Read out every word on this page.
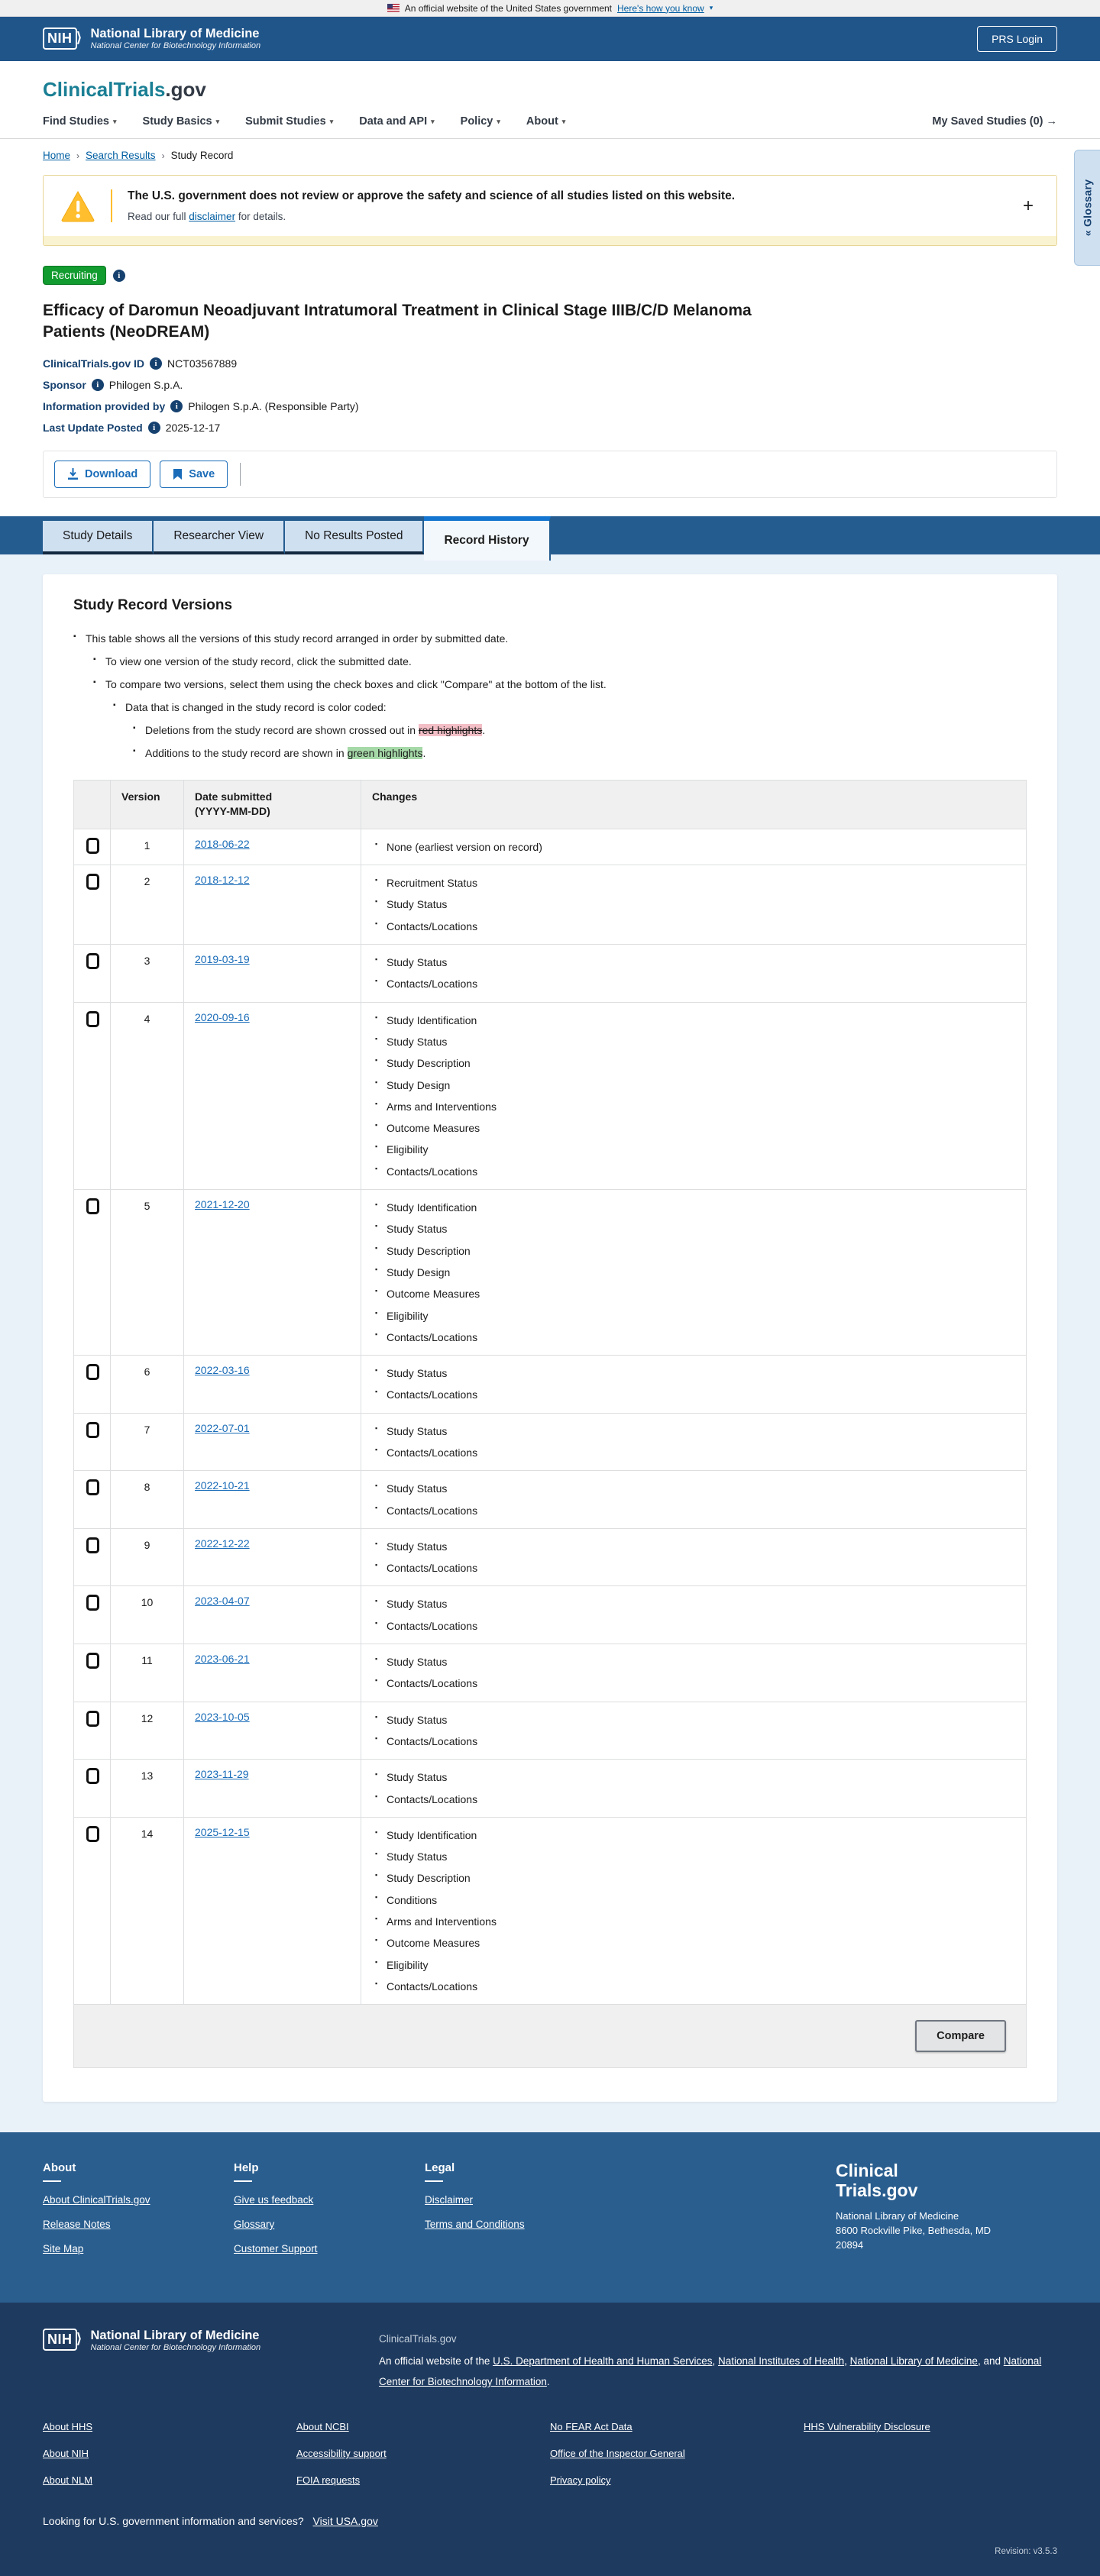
An official website of the United States government Here's how you know ▾
NIH ⟩	National Library of Medicine
National Center for Biotechnology Information
PRS Login
ClinicalTrials.gov
Find Studies ▾ Study Basics ▾ Submit Studies ▾ Data and API ▾ Policy ▾ About ▾	My Saved Studies (0) →
Home › Search Results › Study Record
« Glossary
The U.S. government does not review or approve the safety and science of all studies listed on this website.
Read our full disclaimer for details.
+
Recruiting	i
Efficacy of Daromun Neoadjuvant Intratumoral Treatment in Clinical Stage IIIB/C/D Melanoma Patients (NeoDREAM)
ClinicalTrials.gov ID	i NCT03567889
Sponsor	i Philogen S.p.A.
Information provided by	i Philogen S.p.A. (Responsible Party)
Last Update Posted	i 2025-12-17
Download	Save
Study Details	Researcher View	No Results Posted	Record History
Study Record Versions
▪ This table shows all the versions of this study record arranged in order by submitted date.
▪ To view one version of the study record, click the submitted date.
▪ To compare two versions, select them using the check boxes and click "Compare" at the bottom of the list.
▪ Data that is changed in the study record is color coded:
▪ Deletions from the study record are shown crossed out in red highlights.
▪ Additions to the study record are shown in green highlights.
	Version	Date submitted
(YYYY-MM-DD)	Changes
	1	2018-06-22	
▪None (earliest version on record)

	2	2018-12-12	
▪Recruitment Status
▪ Study Status
▪ Contacts/Locations

	3	2019-03-19	
▪Study Status
▪ Contacts/Locations

	4	2020-09-16	
▪Study Identification
▪ Study Status
▪ Study Description
▪ Study Design
▪ Arms and Interventions
▪ Outcome Measures
▪ Eligibility
▪ Contacts/Locations

	5	2021-12-20	
▪Study Identification
▪ Study Status
▪ Study Description
▪ Study Design
▪ Outcome Measures
▪ Eligibility
▪ Contacts/Locations

	6	2022-03-16	
▪Study Status
▪ Contacts/Locations

	7	2022-07-01	
▪Study Status
▪ Contacts/Locations

	8	2022-10-21	
▪Study Status
▪ Contacts/Locations

	9	2022-12-22	
▪Study Status
▪ Contacts/Locations

	10	2023-04-07	
▪Study Status
▪ Contacts/Locations

	11	2023-06-21	
▪Study Status
▪ Contacts/Locations

	12	2023-10-05	
▪Study Status
▪ Contacts/Locations

	13	2023-11-29	
▪Study Status
▪ Contacts/Locations

	14	2025-12-15	
▪Study Identification
▪ Study Status
▪ Study Description
▪ Conditions
▪ Arms and Interventions
▪ Outcome Measures
▪ Eligibility
▪ Contacts/Locations
Compare
About
About ClinicalTrials.gov
Release Notes
Site Map
Help
Give us feedback
Glossary
Customer Support
Legal
Disclaimer
Terms and Conditions
Clinical
Trials.gov
National Library of Medicine
8600 Rockville Pike, Bethesda, MD
20894
NIH ⟩	National Library of Medicine
National Center for Biotechnology Information
ClinicalTrials.gov
An official website of the U.S. Department of Health and Human Services, National Institutes of Health, National Library of Medicine, and National Center for Biotechnology Information.
About HHS
About NIH
About NLM
About NCBI
Accessibility support
FOIA requests
No FEAR Act Data
Office of the Inspector General
Privacy policy
HHS Vulnerability Disclosure
Looking for U.S. government information and services? Visit USA.gov
Revision: v3.5.3
